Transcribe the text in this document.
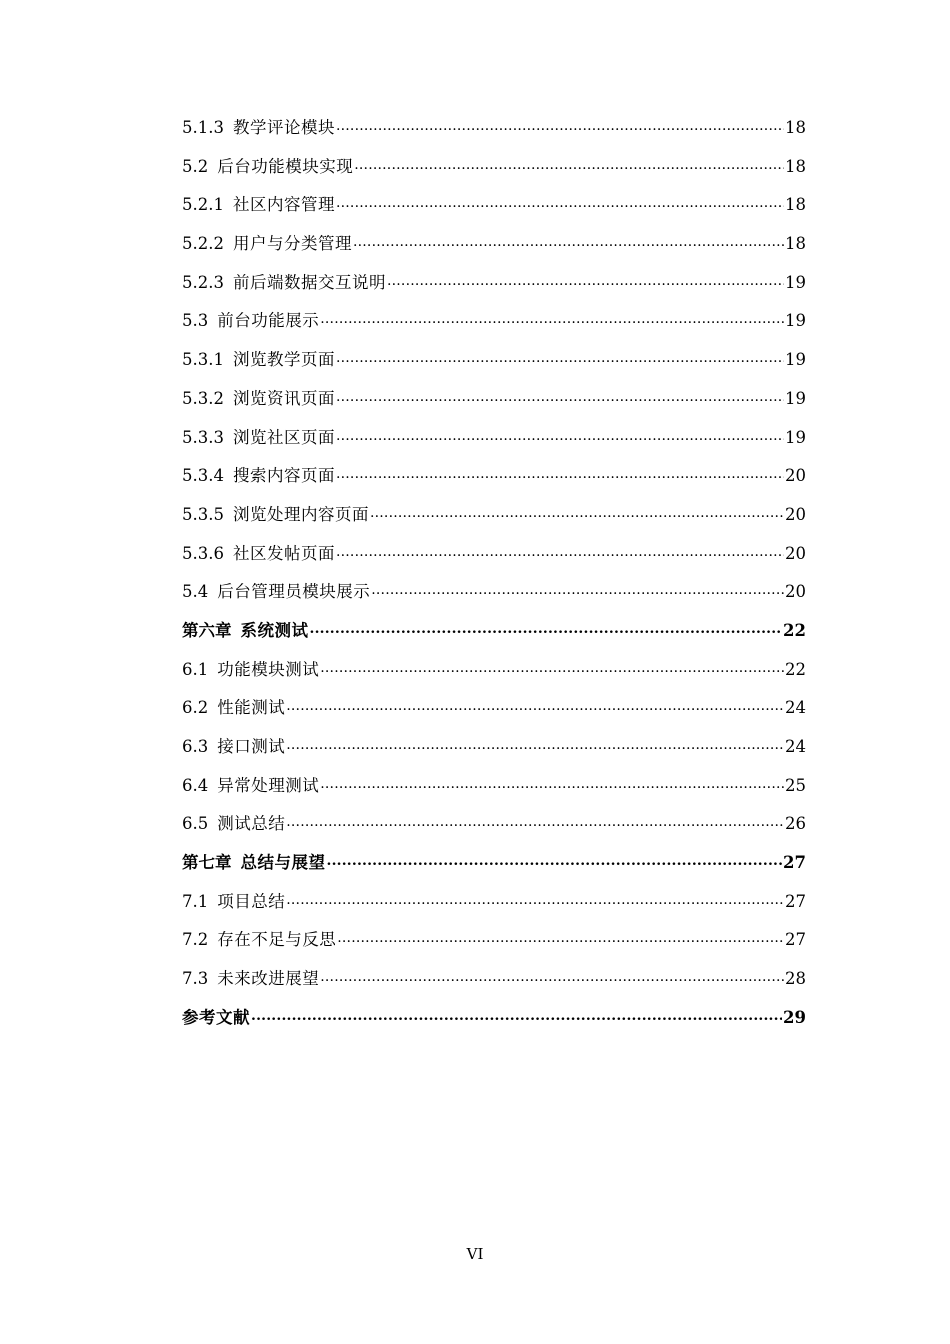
5.1.3 教学评论模块 .....	18
5.2 后台功能模块实现 .....	18
5.2.1 社区内容管理 .....	18
5.2.2 用户与分类管理 .....	18
5.2.3 前后端数据交互说明 .....	19
5.3 前台功能展示 .....	19
5.3.1 浏览教学页面 .....	19
5.3.2 浏览资讯页面 .....	19
5.3.3 浏览社区页面 .....	19
5.3.4 搜索内容页面 .....	20
5.3.5 浏览处理内容页面 .....	20
5.3.6 社区发帖页面 .....	20
5.4 后台管理员模块展示 .....	20
第六章 系统测试 .....	22
6.1 功能模块测试 .....	22
6.2 性能测试 .....	24
6.3 接口测试 .....	24
6.4 异常处理测试 .....	25
6.5 测试总结 .....	26
第七章 总结与展望 .....	27
7.1 项目总结 .....	27
7.2 存在不足与反思 .....	27
7.3 未来改进展望 .....	28
参考文献 .....	29
VI
